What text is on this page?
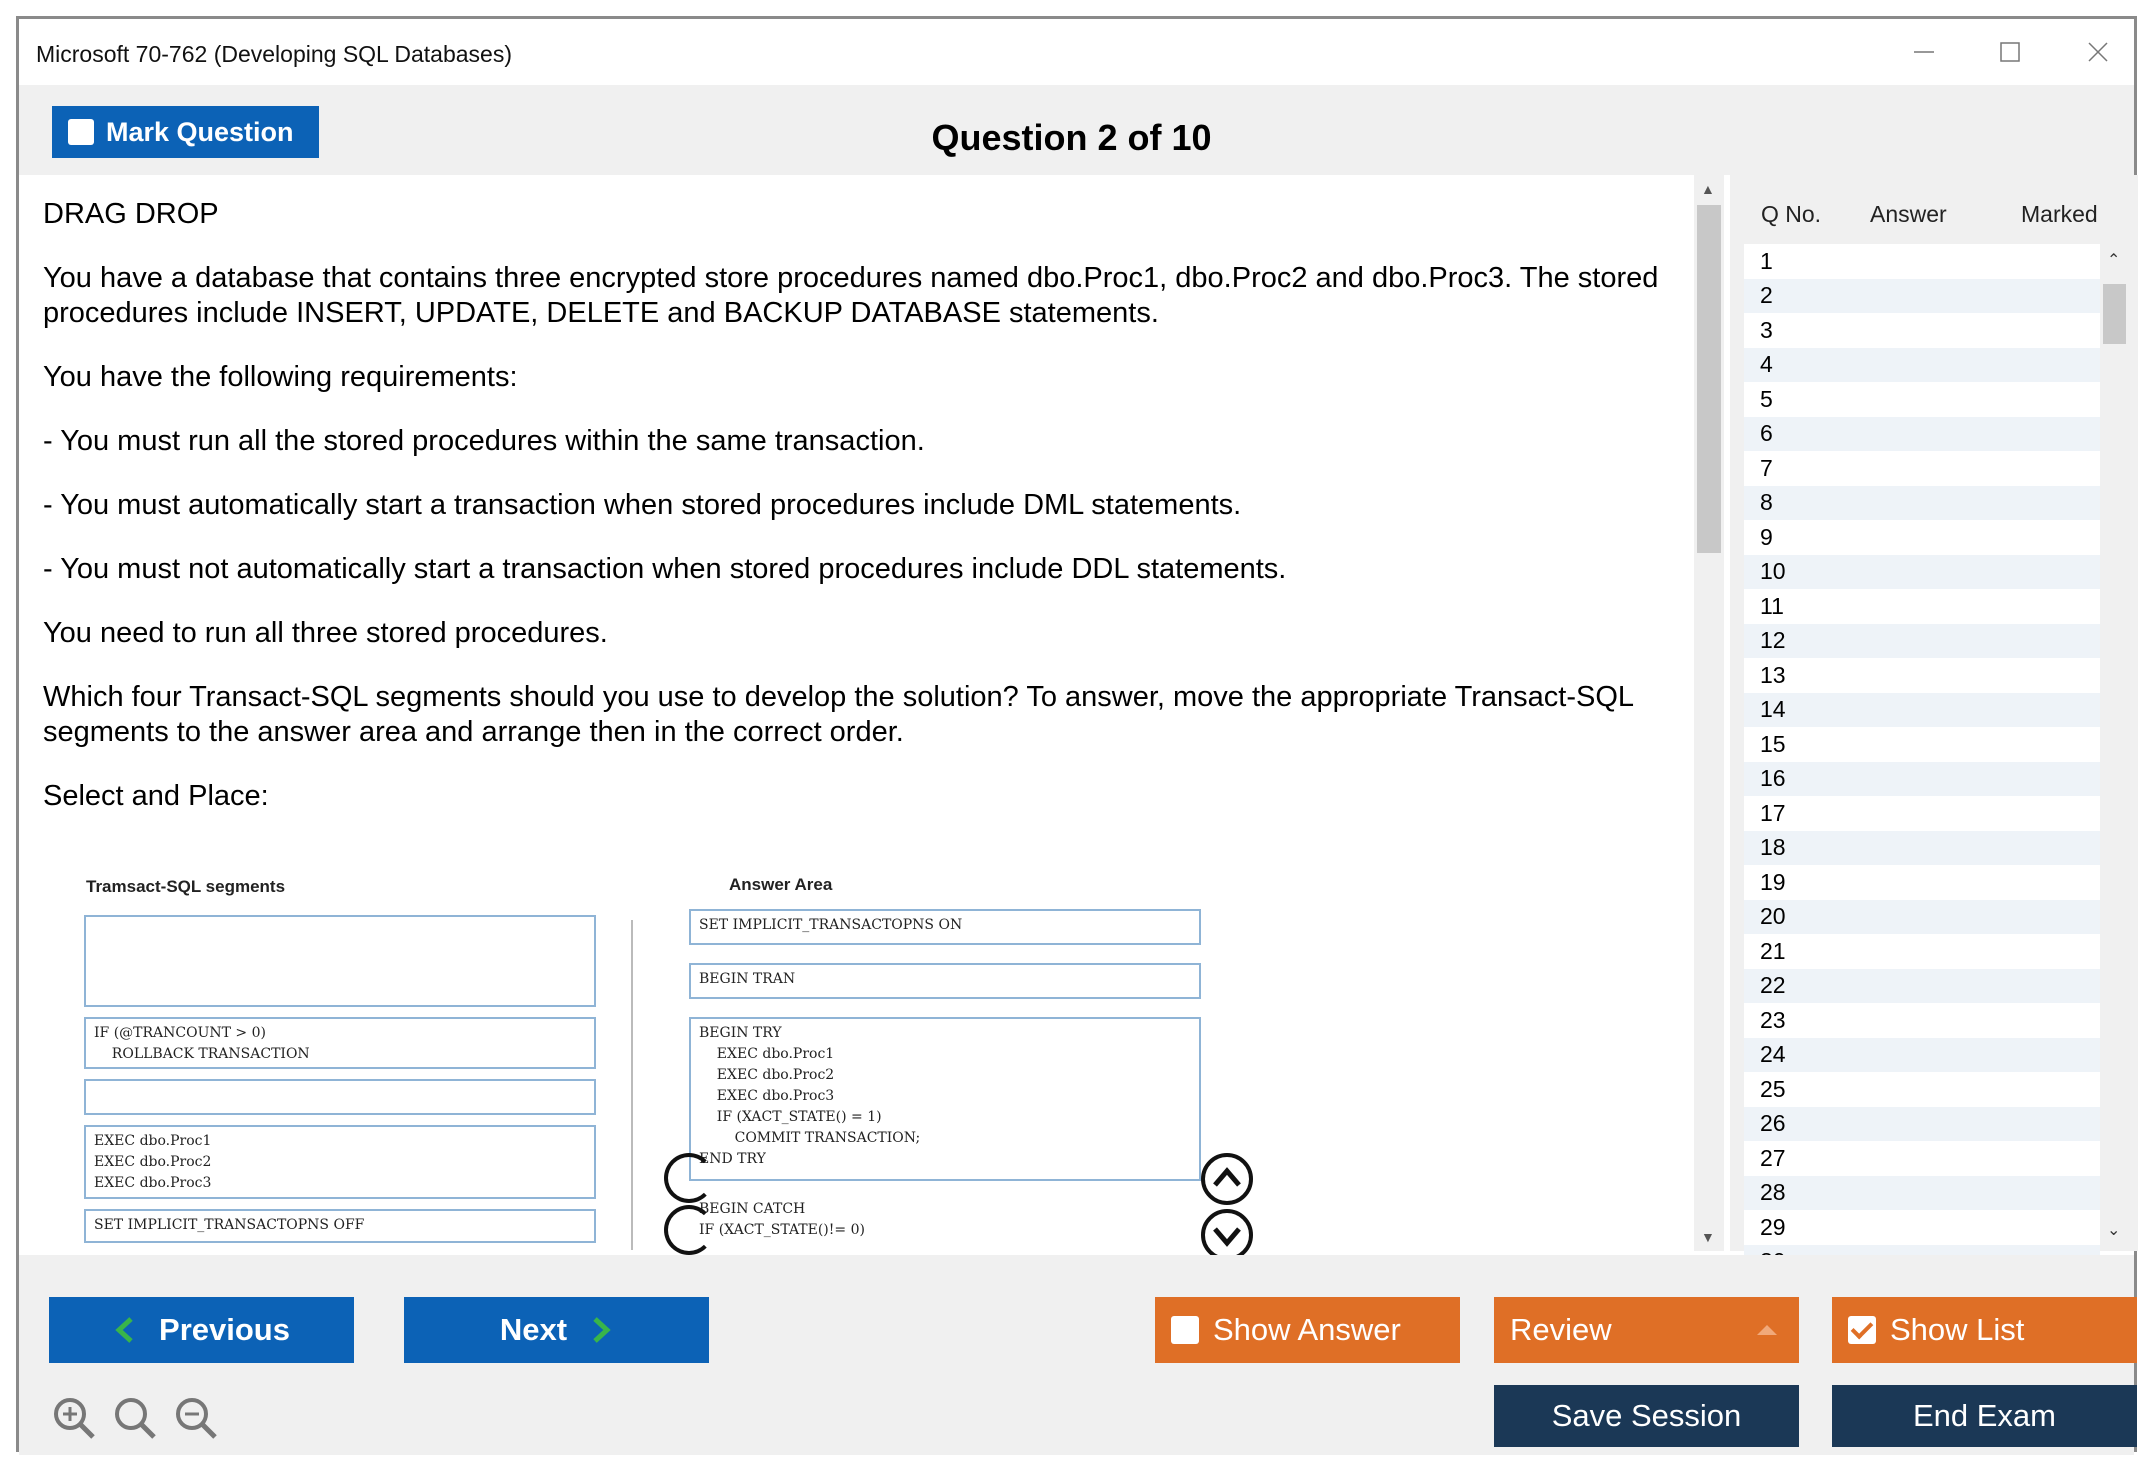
Microsoft 70-762 (Developing SQL Databases)
Mark Question	Question 2 of 10

DRAG DROP

You have a database that contains three encrypted store procedures named dbo.Proc1, dbo.Proc2 and dbo.Proc3. The stored procedures include INSERT, UPDATE, DELETE and BACKUP DATABASE statements.

You have the following requirements:

- You must run all the stored procedures within the same transaction.

- You must automatically start a transaction when stored procedures include DML statements.

- You must not automatically start a transaction when stored procedures include DDL statements.

You need to run all three stored procedures.

Which four Transact-SQL segments should you use to develop the solution? To answer, move the appropriate Transact-SQL segments to the answer area and arrange then in the correct order.

Select and Place:

Tramsact-SQL segments	Answer Area
IF (@TRANCOUNT > 0)
ROLLBACK TRANSACTION
EXEC dbo.Proc1
EXEC dbo.Proc2
EXEC dbo.Proc3
SET IMPLICIT_TRANSACTOPNS OFF
SET IMPLICIT_TRANSACTOPNS ON
BEGIN TRAN
BEGIN TRY
EXEC dbo.Proc1
EXEC dbo.Proc2
EXEC dbo.Proc3
IF (XACT_STATE() = 1)
COMMIT TRANSACTION;
END TRY
BEGIN CATCH
IF (XACT_STATE()!= 0)
▲
▼
Q No. Answer	Marked
1
2
3
4
5
6
7
8
9
10
11
12
13
14
15
16
17
18
19
20
21
22
23
24
25
26
27
28
29
⌃
⌄
Previous	Next	Show Answer	Review	Show List
Save Session	End Exam
